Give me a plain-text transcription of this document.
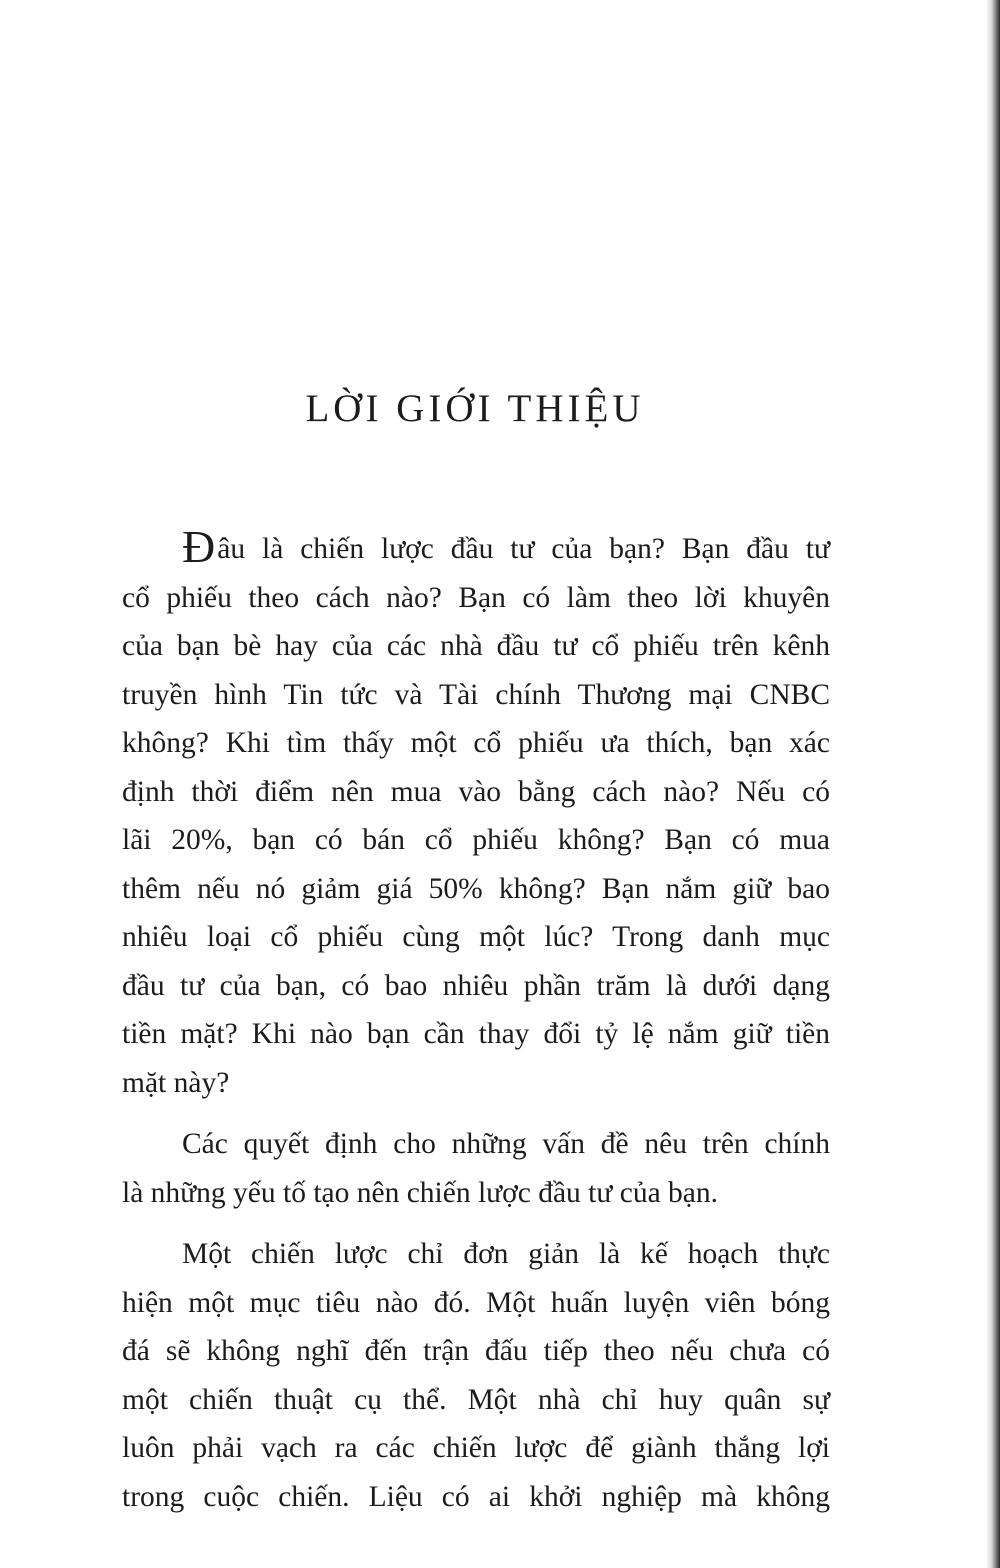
LỜI GIỚI THIỆU
Đâu là chiến lược đầu tư của bạn? Bạn đầu tư
cổ phiếu theo cách nào? Bạn có làm theo lời khuyên
của bạn bè hay của các nhà đầu tư cổ phiếu trên kênh
truyền hình Tin tức và Tài chính Thương mại CNBC
không? Khi tìm thấy một cổ phiếu ưa thích, bạn xác
định thời điểm nên mua vào bằng cách nào? Nếu có
lãi 20%, bạn có bán cổ phiếu không? Bạn có mua
thêm nếu nó giảm giá 50% không? Bạn nắm giữ bao
nhiêu loại cổ phiếu cùng một lúc? Trong danh mục
đầu tư của bạn, có bao nhiêu phần trăm là dưới dạng
tiền mặt? Khi nào bạn cần thay đổi tỷ lệ nắm giữ tiền
mặt này?
Các quyết định cho những vấn đề nêu trên chính
là những yếu tố tạo nên chiến lược đầu tư của bạn.
Một chiến lược chỉ đơn giản là kế hoạch thực
hiện một mục tiêu nào đó. Một huấn luyện viên bóng
đá sẽ không nghĩ đến trận đấu tiếp theo nếu chưa có
một chiến thuật cụ thể. Một nhà chỉ huy quân sự
luôn phải vạch ra các chiến lược để giành thắng lợi
trong cuộc chiến. Liệu có ai khởi nghiệp mà không
